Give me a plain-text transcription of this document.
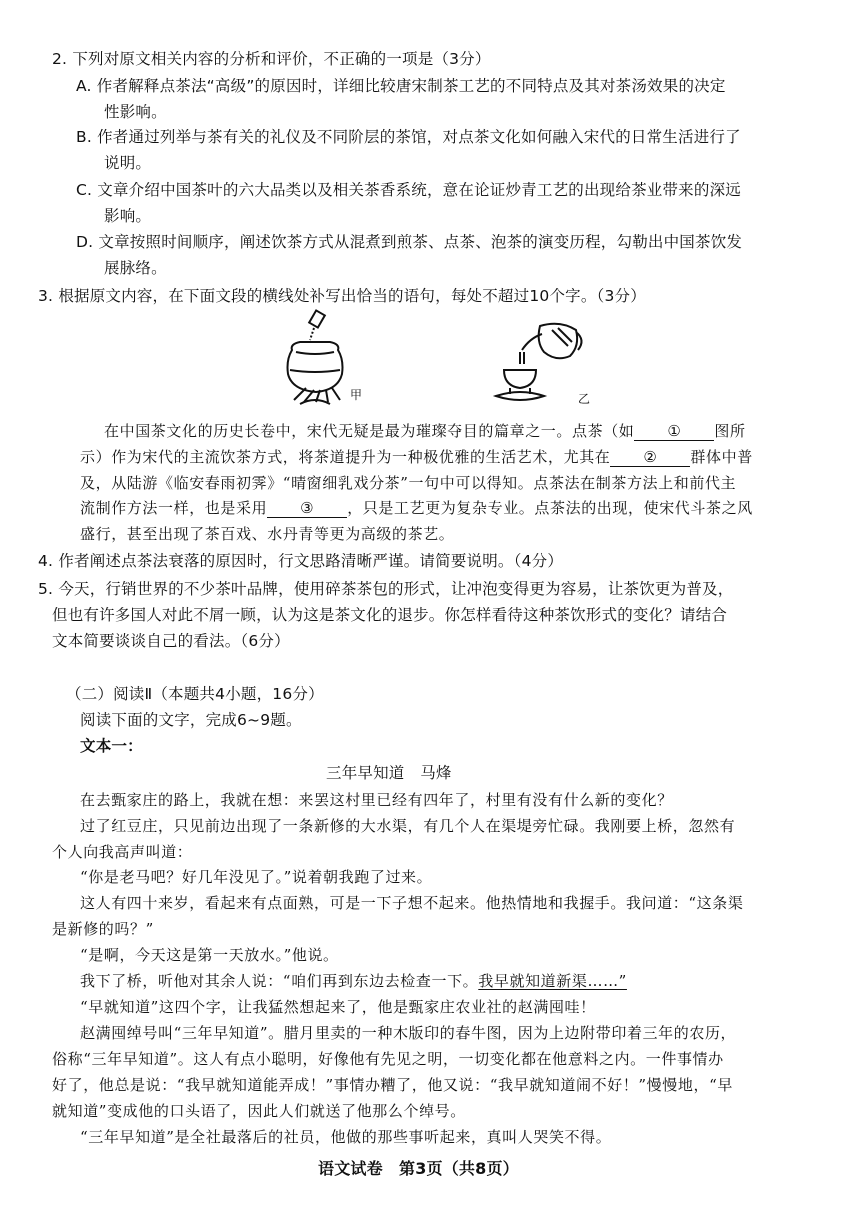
2. 下列对原文相关内容的分析和评价，不正确的一项是（3分）
A. 作者解释点茶法“高级”的原因时，详细比较唐宋制茶工艺的不同特点及其对茶汤效果的决定
性影响。
B. 作者通过列举与茶有关的礼仪及不同阶层的茶馆，对点茶文化如何融入宋代的日常生活进行了
说明。
C. 文章介绍中国茶叶的六大品类以及相关茶香系统，意在论证炒青工艺的出现给茶业带来的深远
影响。
D. 文章按照时间顺序，阐述饮茶方式从混煮到煎茶、点茶、泡茶的演变历程，勾勒出中国茶饮发
展脉络。
3. 根据原文内容，在下面文段的横线处补写出恰当的语句，每处不超过10个字。（3分）
甲	乙
在中国茶文化的历史长卷中，宋代无疑是最为璀璨夺目的篇章之一。点茶（如 ① 图所
示）作为宋代的主流饮茶方式，将茶道提升为一种极优雅的生活艺术，尤其在 ② 群体中普
及，从陆游《临安春雨初霁》“晴窗细乳戏分茶”一句中可以得知。点茶法在制茶方法上和前代主
流制作方法一样，也是采用 ③ ，只是工艺更为复杂专业。点茶法的出现，使宋代斗茶之风
盛行，甚至出现了茶百戏、水丹青等更为高级的茶艺。
4. 作者阐述点茶法衰落的原因时，行文思路清晰严谨。请简要说明。（4分）
5. 今天，行销世界的不少茶叶品牌，使用碎茶茶包的形式，让冲泡变得更为容易，让茶饮更为普及，
但也有许多国人对此不屑一顾，认为这是茶文化的退步。你怎样看待这种茶饮形式的变化？请结合
文本简要谈谈自己的看法。（6分）
（二）阅读Ⅱ（本题共4小题，16分）
阅读下面的文字，完成6~9题。
文本一：
三年早知道　马烽
在去甄家庄的路上，我就在想：来罢这村里已经有四年了，村里有没有什么新的变化？
过了红豆庄，只见前边出现了一条新修的大水渠，有几个人在渠堤旁忙碌。我刚要上桥，忽然有
个人向我高声叫道：
“你是老马吧？好几年没见了。”说着朝我跑了过来。
这人有四十来岁，看起来有点面熟，可是一下子想不起来。他热情地和我握手。我问道：“这条渠
是新修的吗？”
“是啊，今天这是第一天放水。”他说。
我下了桥，听他对其余人说：“咱们再到东边去检查一下。我早就知道新渠……”
“早就知道”这四个字，让我猛然想起来了，他是甄家庄农业社的赵满囤哇！
赵满囤绰号叫“三年早知道”。腊月里卖的一种木版印的春牛图，因为上边附带印着三年的农历，
俗称“三年早知道”。这人有点小聪明，好像他有先见之明，一切变化都在他意料之内。一件事情办
好了，他总是说：“我早就知道能弄成！”事情办糟了，他又说：“我早就知道闹不好！”慢慢地，“早
就知道”变成他的口头语了，因此人们就送了他那么个绰号。
“三年早知道”是全社最落后的社员，他做的那些事听起来，真叫人哭笑不得。
语文试卷　第3页（共8页）
